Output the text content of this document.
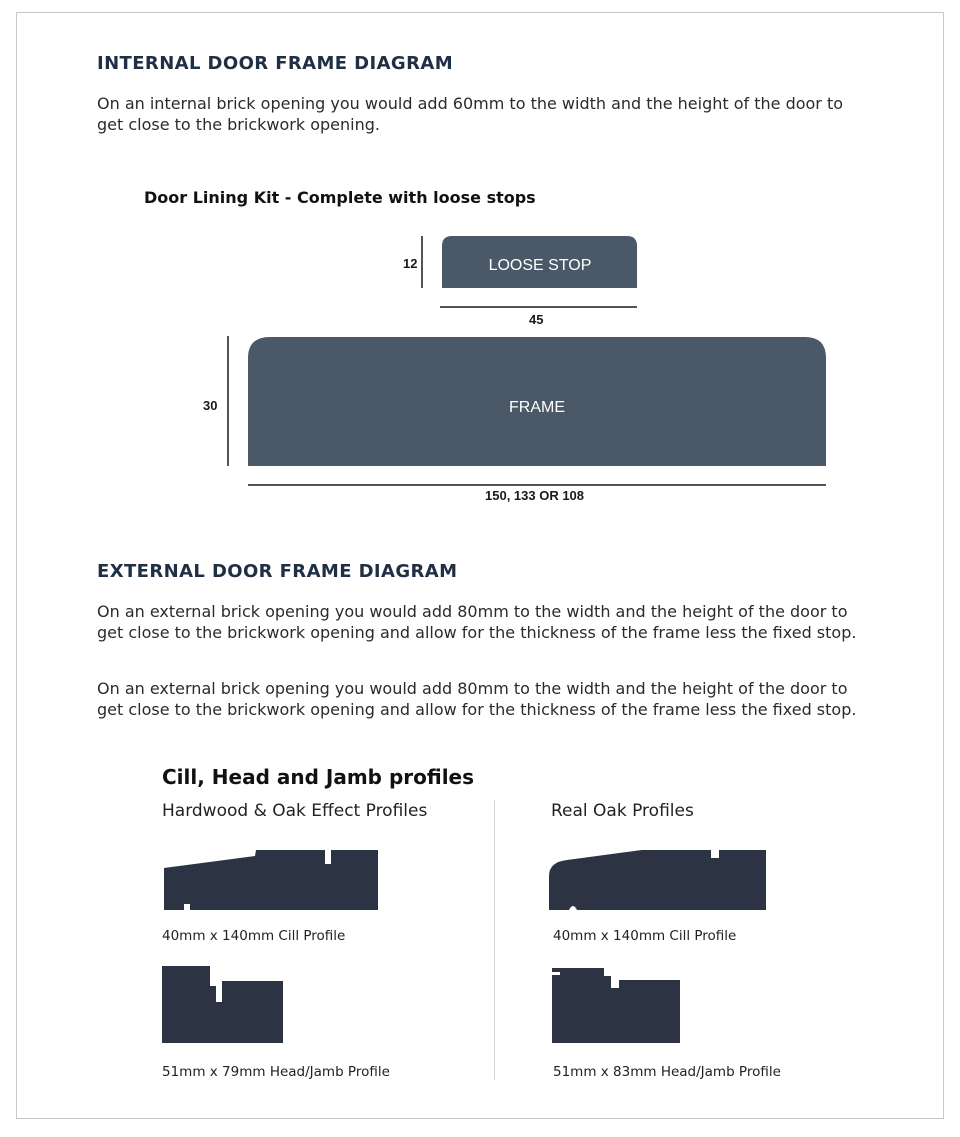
INTERNAL DOOR FRAME DIAGRAM

On an internal brick opening you would add 60mm to the width and the height of the door to get close to the brickwork opening.

Door Lining Kit - Complete with loose stops

12	LOOSE STOP
FRAME
45
30
150, 133 OR 108
EXTERNAL DOOR FRAME DIAGRAM

On an external brick opening you would add 80mm to the width and the height of the door to get close to the brickwork opening and allow for the thickness of the frame less the fixed stop.

On an external brick opening you would add 80mm to the width and the height of the door to get close to the brickwork opening and allow for the thickness of the frame less the fixed stop.

Cill, Head and Jamb profiles

Hardwood & Oak Effect Profiles	Real Oak Profiles

40mm x 140mm Cill Profile

51mm x 79mm Head/Jamb Profile

40mm x 140mm Cill Profile

51mm x 83mm Head/Jamb Profile
